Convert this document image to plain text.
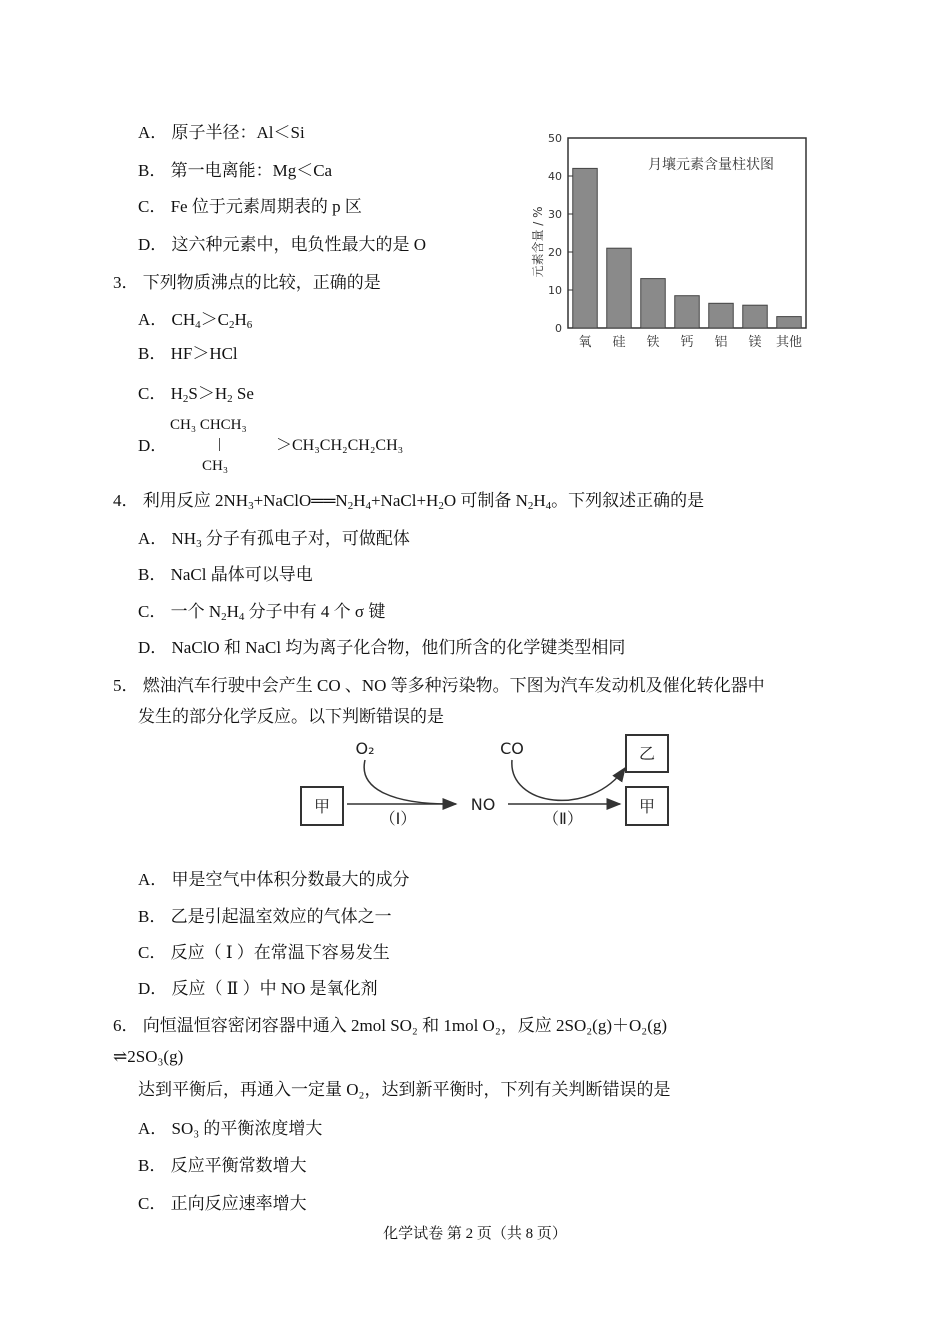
A． 原子半径：Al＜Si
B． 第一电离能：Mg＜Ca
C． Fe 位于元素周期表的 p 区
D． 这六种元素中，电负性最大的是 O
月壤元素含量柱状图
元素含量 / %
0
10
20
30
40
50
氧 硅 铁 钙 铝 镁 其他
3． 下列物质沸点的比较，正确的是
A． $CH_4>C_2H_6$
B． HF＞HCl
C． $H_2S>H_2$ Se
CH₃ CHCH₃
D．	|	＞CH₃CH₂CH₂CH₃
CH₃
4． 利用反应 $2NH_3+NaClO══N_2H_4+NaCl+H_2O$ 可制备 $N_2H_4$。下列叙述正确的是
A． $NH_3$ 分子有孤电子对，可做配体
B． NaCl 晶体可以导电
C． 一个 $N_2H_4$ 分子中有 4 个 σ 键
D． NaClO 和 NaCl 均为离子化合物，他们所含的化学键类型相同
5． 燃油汽车行驶中会产生 CO 、NO 等多种污染物。下图为汽车发动机及催化转化器中
发生的部分化学反应。以下判断错误的是
甲
O₂
（Ⅰ）
NO
（Ⅱ）
CO	乙
甲
A． 甲是空气中体积分数最大的成分
B． 乙是引起温室效应的气体之一
C． 反应（ Ⅰ ）在常温下容易发生
D． 反应（ Ⅱ ）中 NO 是氧化剂
6． 向恒温恒容密闭容器中通入 2mol SO₂ 和 1mol O₂，反应 2SO₂(g)＋O₂(g)
⇌2SO₃(g)
达到平衡后，再通入一定量 O₂，达到新平衡时，下列有关判断错误的是
A． SO₃ 的平衡浓度增大
B． 反应平衡常数增大
C． 正向反应速率增大
化学试卷 第 2 页（共 8 页）
